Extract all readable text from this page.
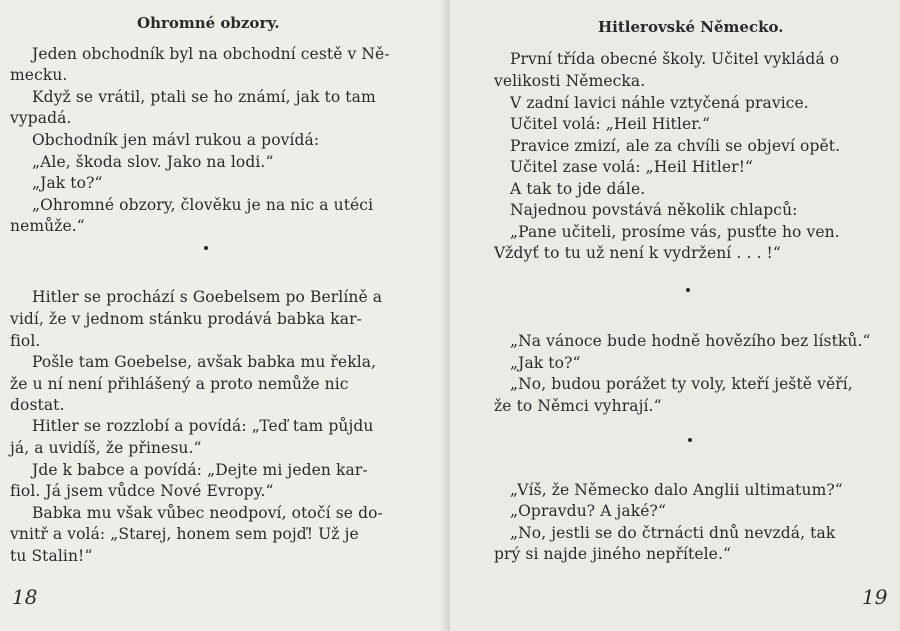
Ohromné obzory.
Jeden obchodník byl na obchodní cestě v Ně-
mecku.
Když se vrátil, ptali se ho známí, jak to tam
vypadá.
Obchodník jen mávl rukou a povídá:
„Ale, škoda slov. Jako na lodi.“
„Jak to?“
„Ohromné obzory, člověku je na nic a utéci
nemůže.“
Hitler se prochází s Goebelsem po Berlíně a
vidí, že v jednom stánku prodává babka kar-
fiol.
Pošle tam Goebelse, avšak babka mu řekla,
že u ní není přihlášený a proto nemůže nic
dostat.
Hitler se rozzlobí a povídá: „Teď tam půjdu
já, a uvidíš, že přinesu.“
Jde k babce a povídá: „Dejte mi jeden kar-
fiol. Já jsem vůdce Nové Evropy.“
Babka mu však vůbec neodpoví, otočí se do-
vnitř a volá: „Starej, honem sem pojď! Už je
tu Stalin!“
18
Hitlerovské Německo.
První třída obecné školy. Učitel vykládá o
velikosti Německa.
V zadní lavici náhle vztyčená pravice.
Učitel volá: „Heil Hitler.“
Pravice zmizí, ale za chvíli se objeví opět.
Učitel zase volá: „Heil Hitler!“
A tak to jde dále.
Najednou povstává několik chlapců:
„Pane učiteli, prosíme vás, pusťte ho ven.
Vždyť to tu už není k vydržení . . . !“
„Na vánoce bude hodně hovězího bez lístků.“
„Jak to?“
„No, budou porážet ty voly, kteří ještě věří,
že to Němci vyhrají.“
„Víš, že Německo dalo Anglii ultimatum?“
„Opravdu? A jaké?“
„No, jestli se do čtrnácti dnů nevzdá, tak
prý si najde jiného nepřítele.“
19
